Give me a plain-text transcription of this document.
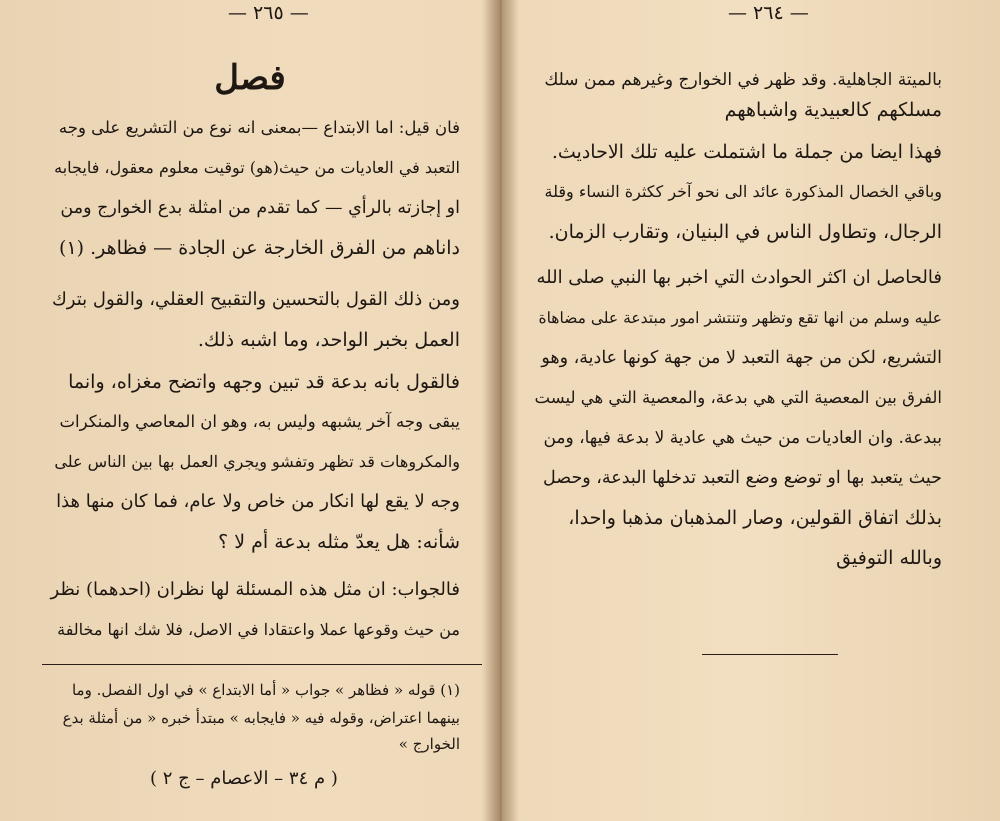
— ٢٦٥ —
فصل
فان قيل: اما الابتداع —بمعنى انه نوع من التشريع على وجه
التعبد في العاديات من حيث(هو) توقيت معلوم معقول، فايجابه
او إجازته بالرأي — كما تقدم من امثلة بدع الخوارج ومن
داناهم من الفرق الخارجة عن الجادة — فظاهر. (١)
ومن ذلك القول بالتحسين والتقبيح العقلي، والقول بترك
العمل بخبر الواحد، وما اشبه ذلك.
فالقول بانه بدعة قد تبين وجهه واتضح مغزاه، وانما
يبقى وجه آخر يشبهه وليس به، وهو ان المعاصي والمنكرات
والمكروهات قد تظهر وتفشو ويجري العمل بها بين الناس على
وجه لا يقع لها انكار من خاص ولا عام، فما كان منها هذا
شأنه: هل يعدّ مثله بدعة أم لا ؟
فالجواب: ان مثل هذه المسئلة لها نظران (احدهما) نظر
من حيث وقوعها عملا واعتقادا في الاصل، فلا شك انها مخالفة
(١) قوله « فظاهر » جواب « أما الابتداع » في اول الفصل. وما
بينهما اعتراض، وقوله فيه « فايجابه » مبتدأ خبره « من أمثلة بدع
الخوارج »
( م ٣٤ – الاعصام – ج ٢ )
— ٢٦٤ —
بالميتة الجاهلية. وقد ظهر في الخوارج وغيرهم ممن سلك
مسلكهم كالعبيدية واشباههم
فهذا ايضا من جملة ما اشتملت عليه تلك الاحاديث.
وباقي الخصال المذكورة عائد الى نحو آخر ككثرة النساء وقلة
الرجال، وتطاول الناس في البنيان، وتقارب الزمان.
فالحاصل ان اكثر الحوادث التي اخبر بها النبي صلى الله
عليه وسلم من انها تقع وتظهر وتنتشر امور مبتدعة على مضاهاة
التشريع، لكن من جهة التعبد لا من جهة كونها عادية، وهو
الفرق بين المعصية التي هي بدعة، والمعصية التي هي ليست
ببدعة. وان العاديات من حيث هي عادية لا بدعة فيها، ومن
حيث يتعبد بها او توضع وضع التعبد تدخلها البدعة، وحصل
بذلك اتفاق القولين، وصار المذهبان مذهبا واحدا،
وبالله التوفيق
